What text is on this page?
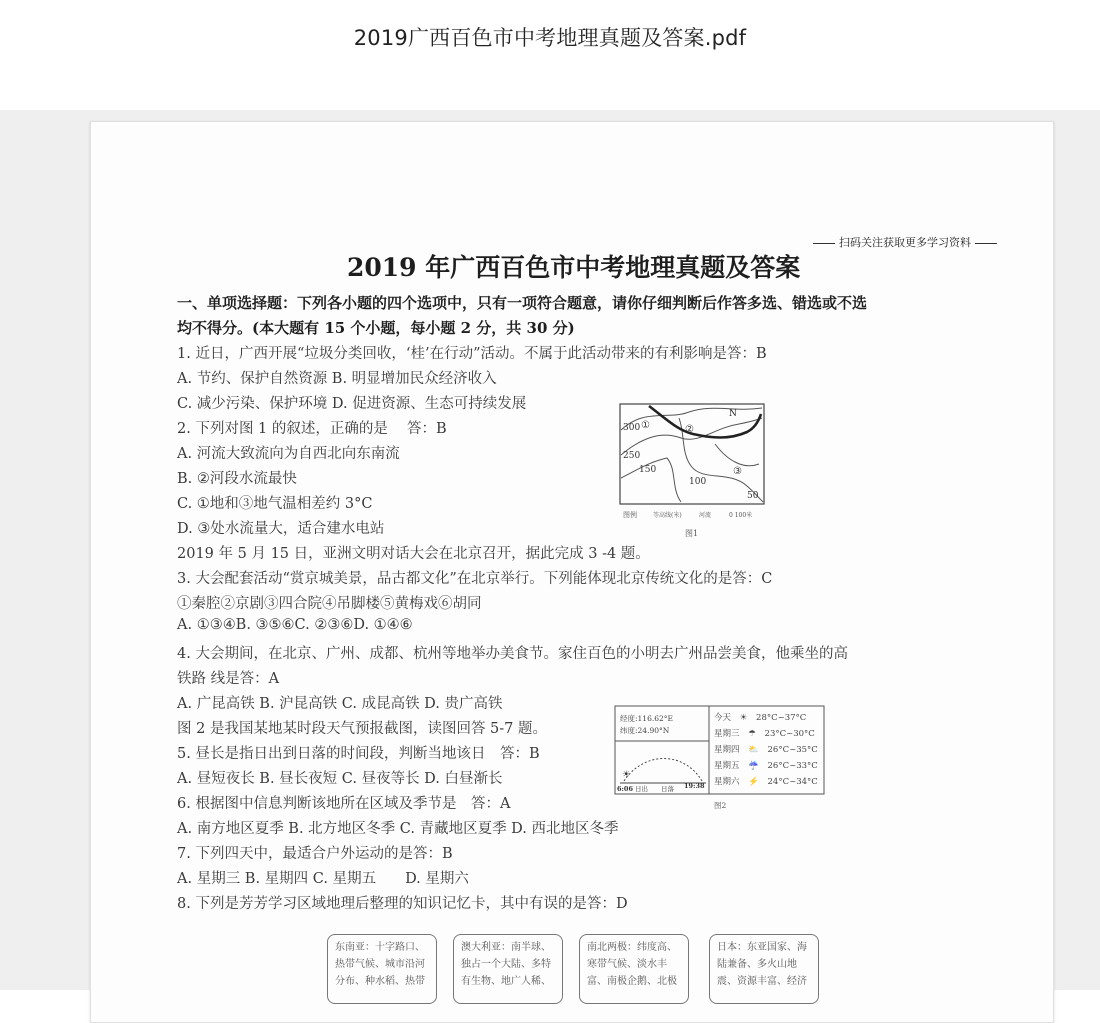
2019广西百色市中考地理真题及答案.pdf
扫码关注获取更多学习资料
2019 年广西百色市中考地理真题及答案
一、单项选择题：下列各小题的四个选项中，只有一项符合题意，请你仔细判断后作答多选、错选或不选
均不得分。(本大题有 15 个小题，每小题 2 分，共 30 分)
1. 近日，广西开展“垃圾分类回收，‘桂’在行动”活动。不属于此活动带来的有利影响是答：B
A. 节约、保护自然资源 B. 明显增加民众经济收入
C. 减少污染、保护环境 D. 促进资源、生态可持续发展
2. 下列对图 1 的叙述，正确的是　 答：B
A. 河流大致流向为自西北向东南流
B. ②河段水流最快
C. ①地和③地气温相差约 3°C
D. ③处水流量大，适合建水电站
2019 年 5 月 15 日，亚洲文明对话大会在北京召开，据此完成 3 -4 题。
3. 大会配套活动“赏京城美景，品古都文化”在北京举行。下列能体现北京传统文化的是答：C
①秦腔②京剧③四合院④吊脚楼⑤黄梅戏⑥胡同
A. ①③④B. ③⑤⑥C. ②③⑥D. ①④⑥
4. 大会期间，在北京、广州、成都、杭州等地举办美食节。家住百色的小明去广州品尝美食，他乘坐的高
铁路 线是答：A
A. 广昆高铁 B. 沪昆高铁 C. 成昆高铁 D. 贵广高铁
图 2 是我国某地某时段天气预报截图，读图回答 5-7 题。
5. 昼长是指日出到日落的时间段，判断当地该日　答：B
A. 昼短夜长 B. 昼长夜短 C. 昼夜等长 D. 白昼渐长
6. 根据图中信息判断该地所在区域及季节是　答：A
A. 南方地区夏季 B. 北方地区冬季 C. 青藏地区夏季 D. 西北地区冬季
7. 下列四天中，最适合户外运动的是答：B
A. 星期三 B. 星期四 C. 星期五　　D. 星期六
8. 下列是芳芳学习区域地理后整理的知识记忆卡，其中有误的是答：D
300 ①
250
150
②
100
③
50
N
图例	等高线(米)	河流	0 100米
图1
经度:116.62°E
纬度:24.90°N
☀
6:06 日出 日落 19:38
图2
今天 ☀ 28°C~37°C
星期三 ☂ 23°C~30°C
星期四 ⛅ 26°C~35°C
星期五 ☔ 26°C~33°C
星期六 ⚡ 24°C~34°C
东南亚：十字路口、热带气候、城市沿河分布、种水稻、热带
澳大利亚：南半球、独占一个大陆、多特有生物、地广人稀、
南北两极：纬度高、寒带气候、淡水丰富、南极企鹅、北极
日本：东亚国家、海陆兼备、多火山地震、资源丰富、经济
